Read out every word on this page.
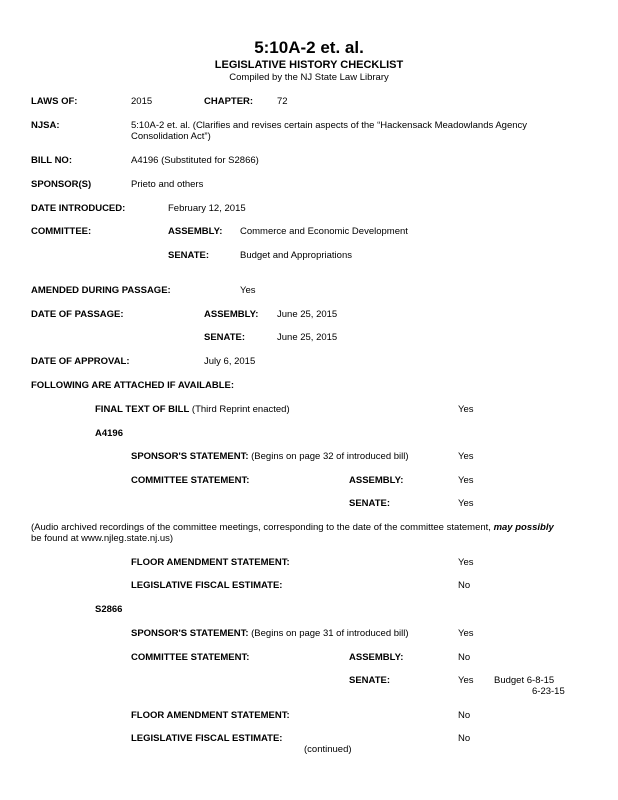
5:10A-2 et. al.
LEGISLATIVE HISTORY CHECKLIST
Compiled by the NJ State Law Library
LAWS OF:	2015	CHAPTER:	72
NJSA:	5:10A-2 et. al. (Clarifies and revises certain aspects of the “Hackensack Meadowlands Agency
Consolidation Act”)
BILL NO:	A4196 (Substituted for S2866)
SPONSOR(S)	Prieto and others
DATE INTRODUCED:	February 12, 2015
COMMITTEE:	ASSEMBLY: Commerce and Economic Development
SENATE:	Budget and Appropriations
AMENDED DURING PASSAGE:	Yes
DATE OF PASSAGE:	ASSEMBLY: June 25, 2015
SENATE:	June 25, 2015
DATE OF APPROVAL:	July 6, 2015
FOLLOWING ARE ATTACHED IF AVAILABLE:
FINAL TEXT OF BILL (Third Reprint enacted)	Yes
A4196
SPONSOR'S STATEMENT: (Begins on page 32 of introduced bill)	Yes
COMMITTEE STATEMENT:	ASSEMBLY:	Yes
SENATE:	Yes
(Audio archived recordings of the committee meetings, corresponding to the date of the committee statement, may possibly
be found at www.njleg.state.nj.us)
FLOOR AMENDMENT STATEMENT:	Yes
LEGISLATIVE FISCAL ESTIMATE:	No
S2866
SPONSOR'S STATEMENT: (Begins on page 31 of introduced bill)	Yes
COMMITTEE STATEMENT:	ASSEMBLY:	No
SENATE:	Yes Budget 6-8-15
6-23-15
FLOOR AMENDMENT STATEMENT:	No
LEGISLATIVE FISCAL ESTIMATE:	No
(continued)
